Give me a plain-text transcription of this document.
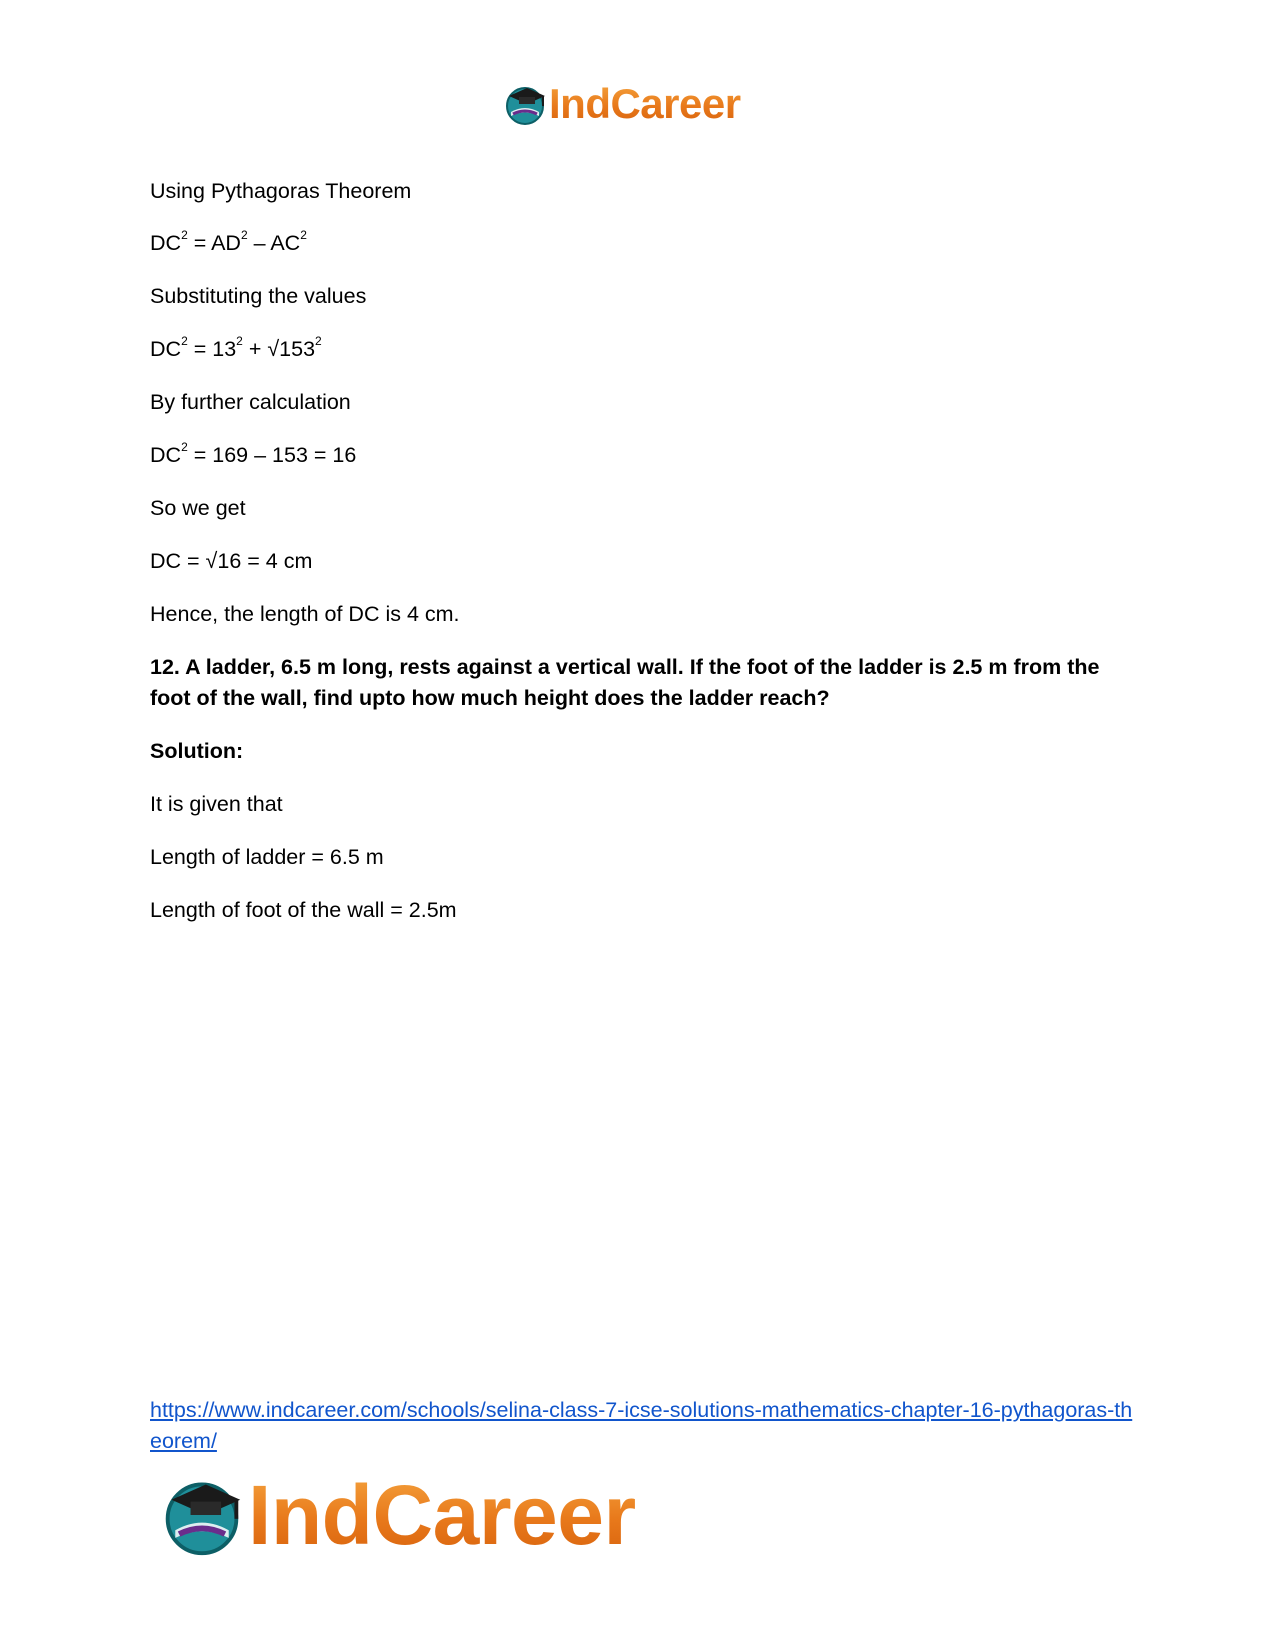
IndCareer
Using Pythagoras Theorem
$DC^2 = AD^2 - AC^2$
Substituting the values
$DC^2 = 13^2 + √153^2$
By further calculation
$DC^2 = 169 - 153 = 16$
So we get
DC = √16 = 4 cm
Hence, the length of DC is 4 cm.
12. A ladder, 6.5 m long, rests against a vertical wall. If the foot of the ladder is 2.5 m from the foot of the wall, find upto how much height does the ladder reach?
Solution:
It is given that
Length of ladder = 6.5 m
Length of foot of the wall = 2.5m
https://www.indcareer.com/schools/selina-class-7-icse-solutions-mathematics-chapter-16-pythagoras-theorem/
IndCareer
